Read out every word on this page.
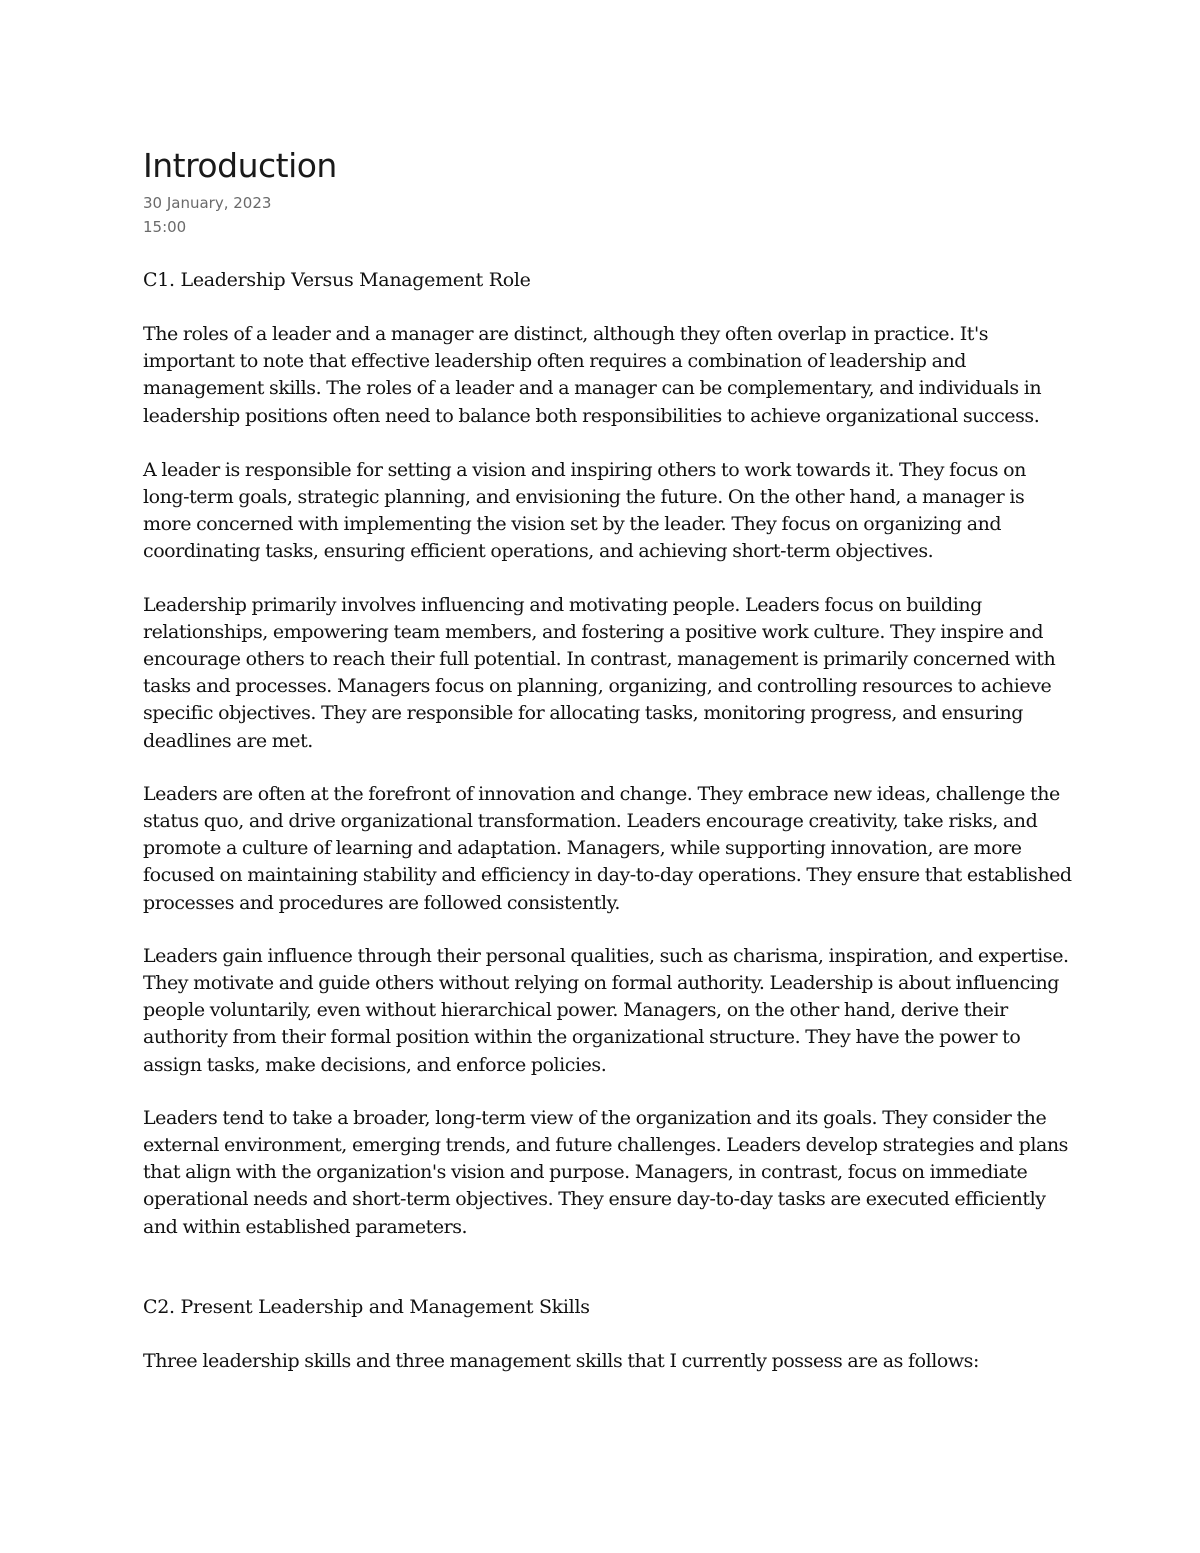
Introduction
30 January, 2023
15:00
C1. Leadership Versus Management Role

The roles of a leader and a manager are distinct, although they often overlap in practice. It's important to note that effective leadership often requires a combination of leadership and management skills. The roles of a leader and a manager can be complementary, and individuals in leadership positions often need to balance both responsibilities to achieve organizational success.

A leader is responsible for setting a vision and inspiring others to work towards it. They focus on long-term goals, strategic planning, and envisioning the future. On the other hand, a manager is more concerned with implementing the vision set by the leader. They focus on organizing and coordinating tasks, ensuring efficient operations, and achieving short-term objectives.

Leadership primarily involves influencing and motivating people. Leaders focus on building relationships, empowering team members, and fostering a positive work culture. They inspire and encourage others to reach their full potential. In contrast, management is primarily concerned with tasks and processes. Managers focus on planning, organizing, and controlling resources to achieve specific objectives. They are responsible for allocating tasks, monitoring progress, and ensuring deadlines are met.

Leaders are often at the forefront of innovation and change. They embrace new ideas, challenge the status quo, and drive organizational transformation. Leaders encourage creativity, take risks, and promote a culture of learning and adaptation. Managers, while supporting innovation, are more focused on maintaining stability and efficiency in day-to-day operations. They ensure that established processes and procedures are followed consistently.

Leaders gain influence through their personal qualities, such as charisma, inspiration, and expertise. They motivate and guide others without relying on formal authority. Leadership is about influencing people voluntarily, even without hierarchical power. Managers, on the other hand, derive their authority from their formal position within the organizational structure. They have the power to assign tasks, make decisions, and enforce policies.

Leaders tend to take a broader, long-term view of the organization and its goals. They consider the external environment, emerging trends, and future challenges. Leaders develop strategies and plans that align with the organization's vision and purpose. Managers, in contrast, focus on immediate operational needs and short-term objectives. They ensure day-to-day tasks are executed efficiently and within established parameters.

C2. Present Leadership and Management Skills

Three leadership skills and three management skills that I currently possess are as follows:
